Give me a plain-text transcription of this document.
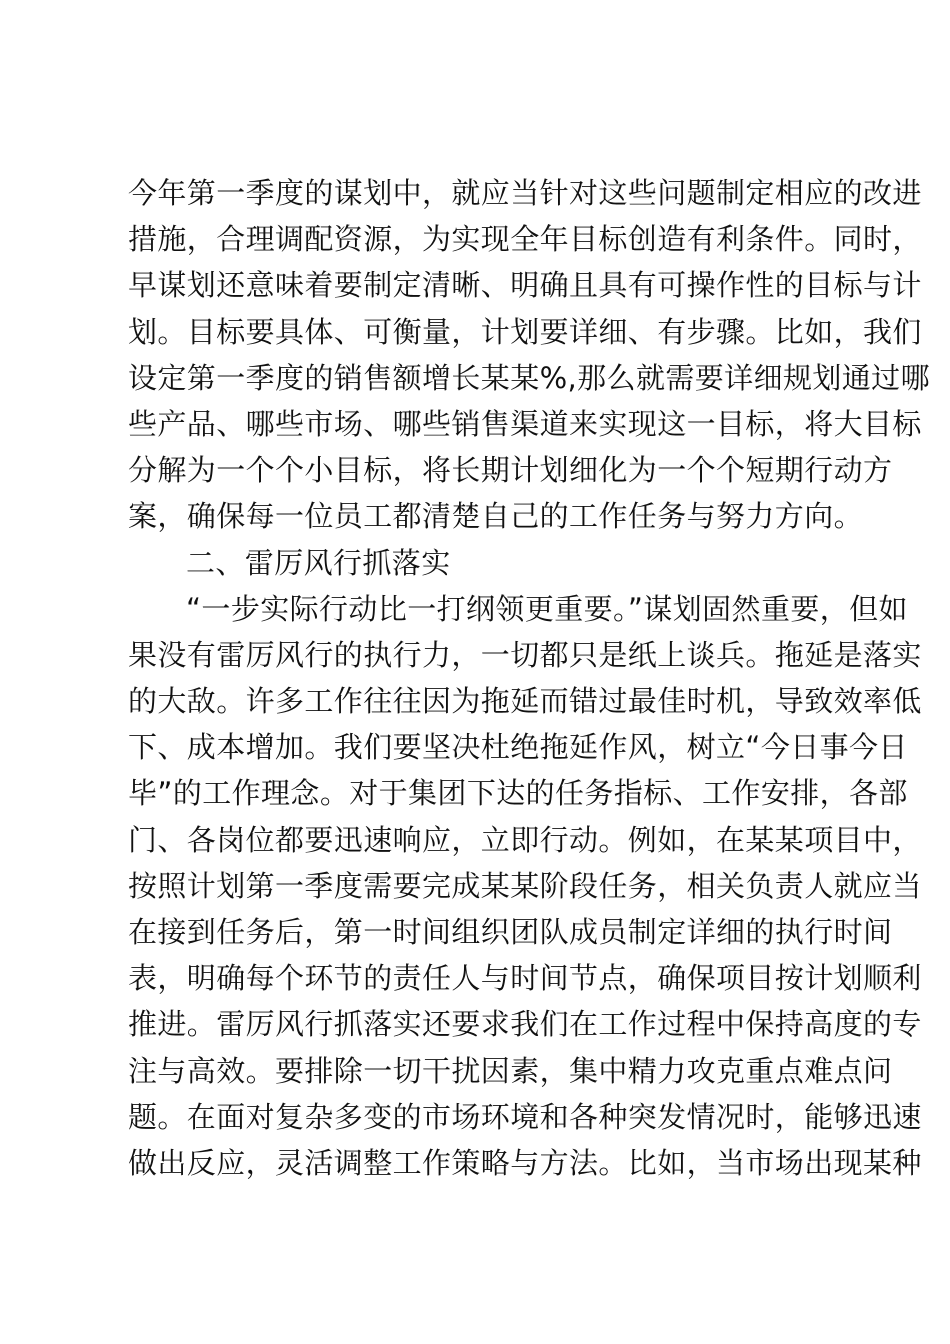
今年第一季度的谋划中，就应当针对这些问题制定相应的改进
措施，合理调配资源，为实现全年目标创造有利条件。同时，
早谋划还意味着要制定清晰、明确且具有可操作性的目标与计
划。目标要具体、可衡量，计划要详细、有步骤。比如，我们
设定第一季度的销售额增长某某%,那么就需要详细规划通过哪
些产品、哪些市场、哪些销售渠道来实现这一目标，将大目标
分解为一个个小目标，将长期计划细化为一个个短期行动方
案，确保每一位员工都清楚自己的工作任务与努力方向。
二、雷厉风行抓落实
“一步实际行动比一打纲领更重要。”谋划固然重要，但如
果没有雷厉风行的执行力，一切都只是纸上谈兵。拖延是落实
的大敌。许多工作往往因为拖延而错过最佳时机，导致效率低
下、成本增加。我们要坚决杜绝拖延作风，树立“今日事今日
毕”的工作理念。对于集团下达的任务指标、工作安排，各部
门、各岗位都要迅速响应，立即行动。例如，在某某项目中，
按照计划第一季度需要完成某某阶段任务，相关负责人就应当
在接到任务后，第一时间组织团队成员制定详细的执行时间
表，明确每个环节的责任人与时间节点，确保项目按计划顺利
推进。雷厉风行抓落实还要求我们在工作过程中保持高度的专
注与高效。要排除一切干扰因素，集中精力攻克重点难点问
题。在面对复杂多变的市场环境和各种突发情况时，能够迅速
做出反应，灵活调整工作策略与方法。比如，当市场出现某种
